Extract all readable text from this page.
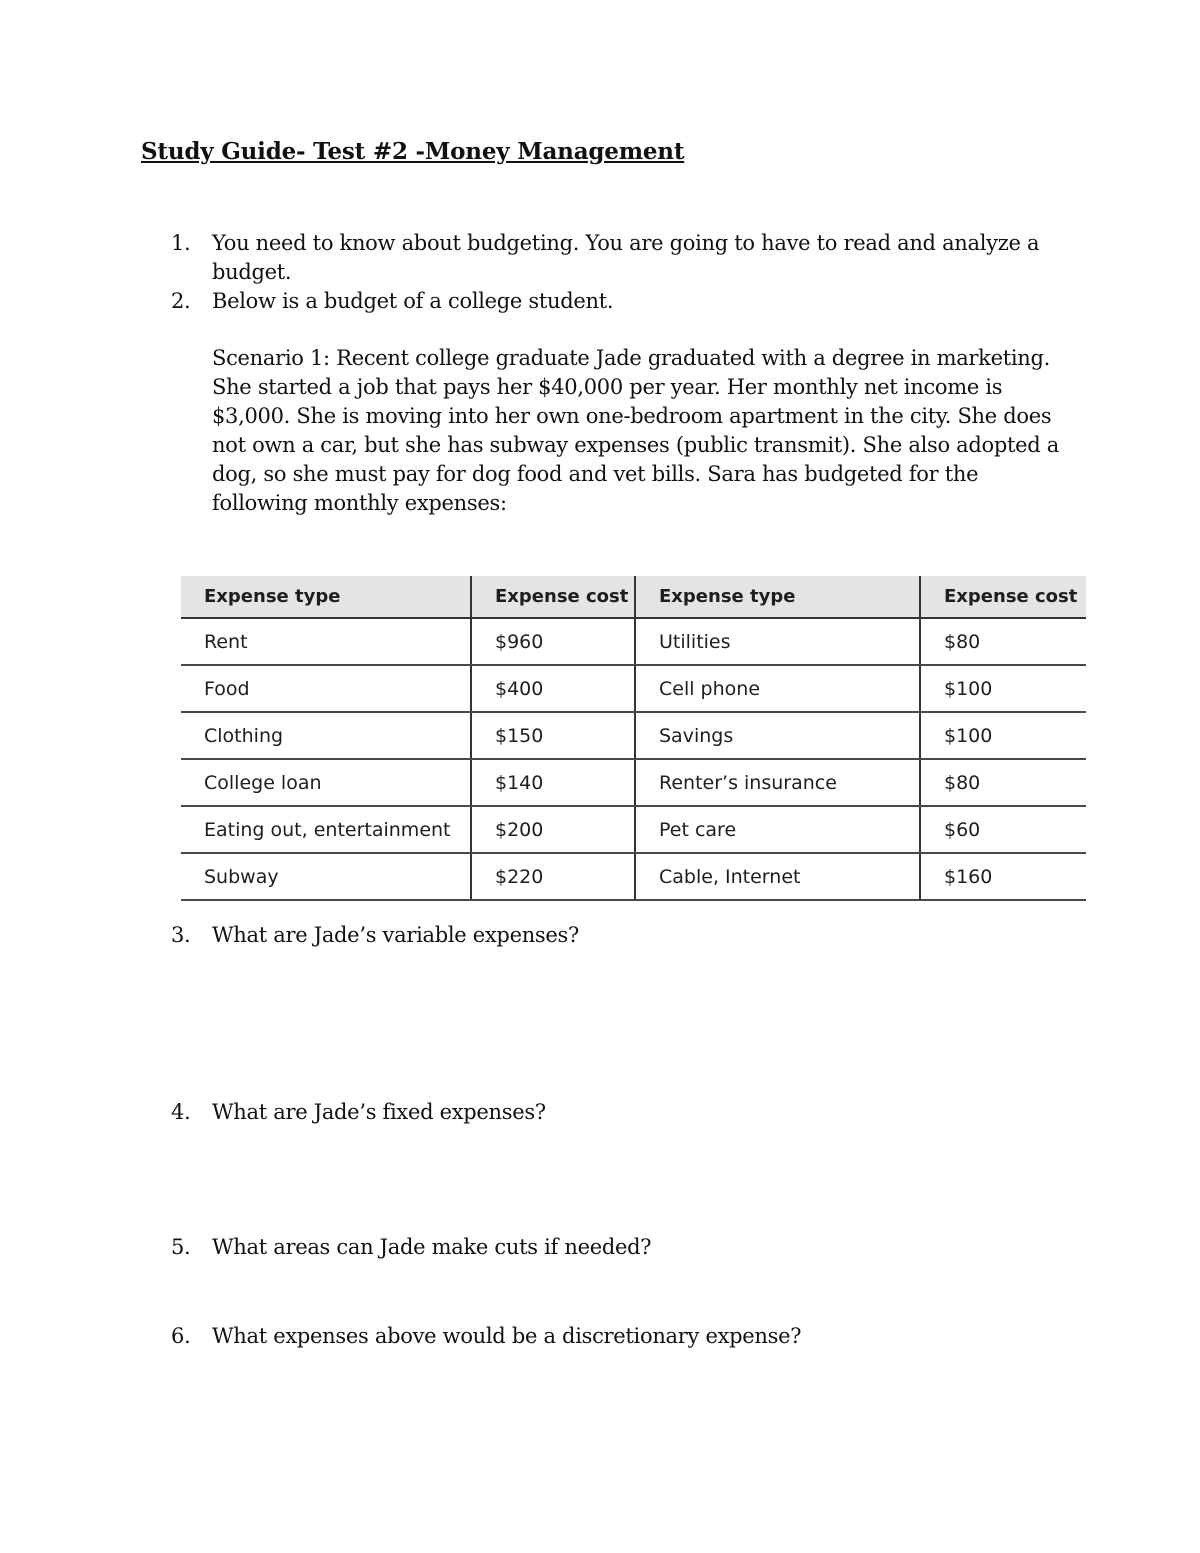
Study Guide- Test #2 -Money Management
1.	You need to know about budgeting. You are going to have to read and analyze a budget.
2.	Below is a budget of a college student.
Scenario 1: Recent college graduate Jade graduated with a degree in marketing. She started a job that pays her $40,000 per year. Her monthly net income is $3,000. She is moving into her own one-bedroom apartment in the city. She does not own a car, but she has subway expenses (public transmit). She also adopted a dog, so she must pay for dog food and vet bills. Sara has budgeted for the following monthly expenses:
Expense type	Expense cost	Expense type	Expense cost
Rent	$960	Utilities	$80
Food	$400	Cell phone	$100
Clothing	$150	Savings	$100
College loan	$140	Renter’s insurance	$80
Eating out, entertainment	$200	Pet care	$60
Subway	$220	Cable, Internet	$160
3.	What are Jade’s variable expenses?
4.	What are Jade’s fixed expenses?
5.	What areas can Jade make cuts if needed?
6.	What expenses above would be a discretionary expense?
